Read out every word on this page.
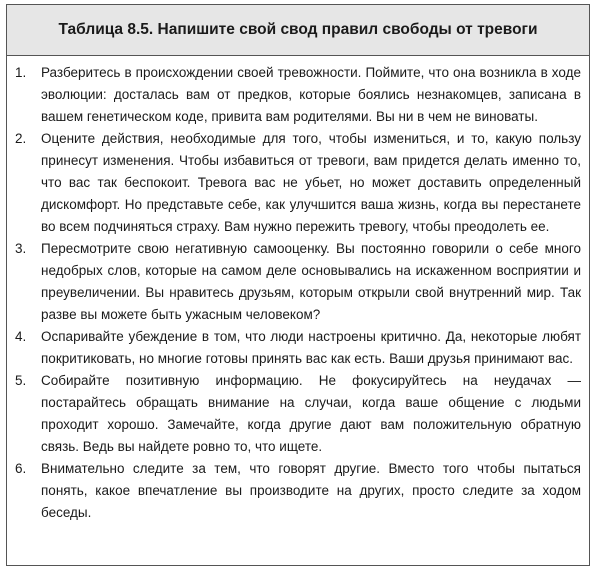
Таблица 8.5. Напишите свой свод правил свободы от тревоги
1.	Разберитесь в происхождении своей тревожности. Поймите, что она возникла в ходе эволюции: досталась вам от предков, которые боялись незнакомцев, записана в вашем генетическом коде, привита вам родителями. Вы ни в чем не виноваты.
2.	Оцените действия, необходимые для того, чтобы измениться, и то, какую пользу принесут изменения. Чтобы избавиться от тревоги, вам придется делать именно то, что вас так беспокоит. Тревога вас не убьет, но может доставить определенный дискомфорт. Но представьте себе, как улучшится ваша жизнь, когда вы перестанете во всем подчиняться страху. Вам нужно пережить тревогу, чтобы преодолеть ее.
3.	Пересмотрите свою негативную самооценку. Вы постоянно говорили о себе много недобрых слов, которые на самом деле основывались на искаженном восприятии и преувеличении. Вы нравитесь друзьям, которым открыли свой внутренний мир. Так разве вы можете быть ужасным человеком?
4.	Оспаривайте убеждение в том, что люди настроены критично. Да, некоторые любят покритиковать, но многие готовы принять вас как есть. Ваши друзья принимают вас.
5.	Собирайте позитивную информацию. Не фокусируйтесь на неудачах — постарайтесь обращать внимание на случаи, когда ваше общение с людьми проходит хорошо. Замечайте, когда другие дают вам положительную обратную связь. Ведь вы найдете ровно то, что ищете.
6.	Внимательно следите за тем, что говорят другие. Вместо того чтобы пытаться понять, какое впечатление вы производите на других, просто следите за ходом беседы.
